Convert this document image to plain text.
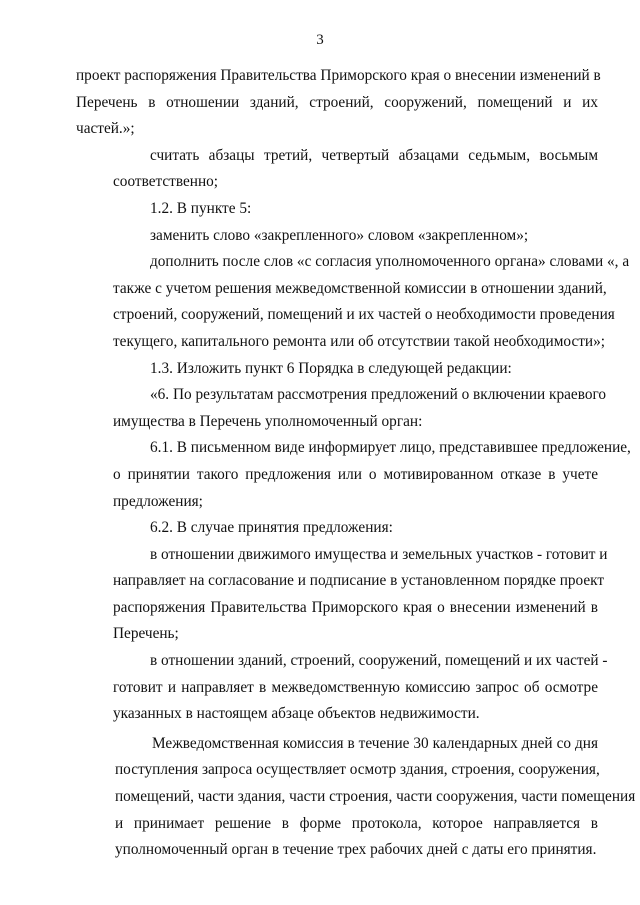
3
проект распоряжения Правительства Приморского края о внесении изменений в
Перечень в отношении зданий, строений, сооружений, помещений и их
частей.»;
считать абзацы третий, четвертый абзацами седьмым, восьмым
соответственно;
1.2. В пункте 5:
заменить слово «закрепленного» словом «закрепленном»;
дополнить после слов «с согласия уполномоченного органа» словами «, а
также с учетом решения межведомственной комиссии в отношении зданий,
строений, сооружений, помещений и их частей о необходимости проведения
текущего, капитального ремонта или об отсутствии такой необходимости»;
1.3. Изложить пункт 6 Порядка в следующей редакции:
«6. По результатам рассмотрения предложений о включении краевого
имущества в Перечень уполномоченный орган:
6.1. В письменном виде информирует лицо, представившее предложение,
о принятии такого предложения или о мотивированном отказе в учете
предложения;
6.2. В случае принятия предложения:
в отношении движимого имущества и земельных участков - готовит и
направляет на согласование и подписание в установленном порядке проект
распоряжения Правительства Приморского края о внесении изменений в
Перечень;
в отношении зданий, строений, сооружений, помещений и их частей -
готовит и направляет в межведомственную комиссию запрос об осмотре
указанных в настоящем абзаце объектов недвижимости.
Межведомственная комиссия в течение 30 календарных дней со дня
поступления запроса осуществляет осмотр здания, строения, сооружения,
помещений, части здания, части строения, части сооружения, части помещения
и принимает решение в форме протокола, которое направляется в
уполномоченный орган в течение трех рабочих дней с даты его принятия.
